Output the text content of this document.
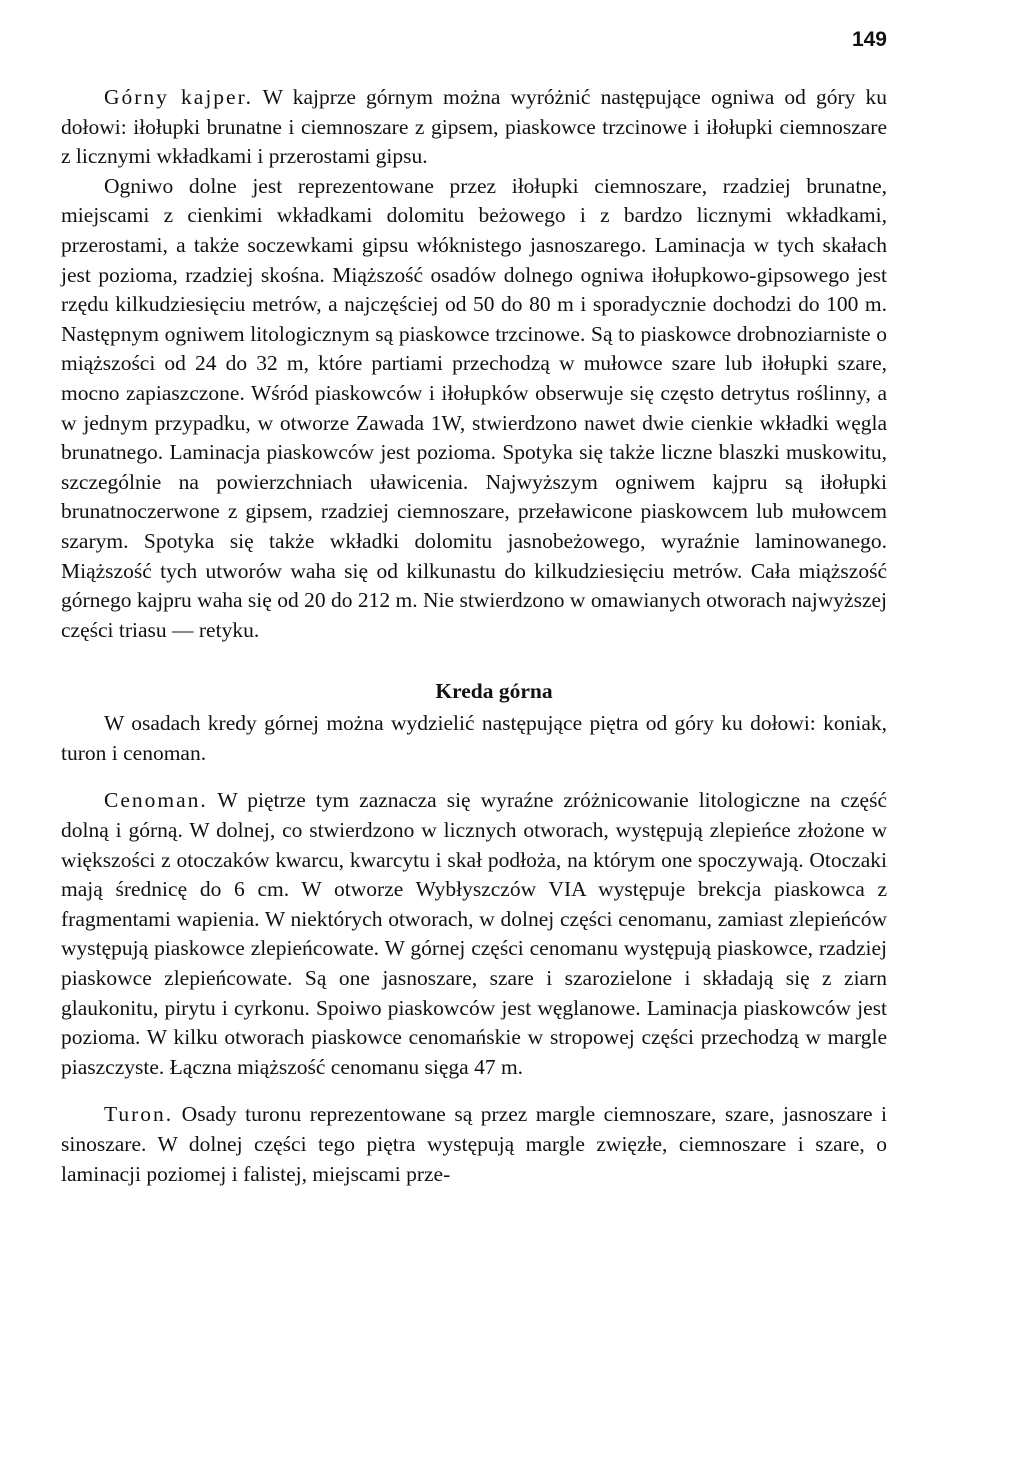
149

Górny kajper. W kajprze górnym można wyróżnić następujące ogniwa od góry ku dołowi: iłołupki brunatne i ciemnoszare z gipsem, piaskowce trzcinowe i iłołupki ciemnoszare z licznymi wkładkami i przerostami gipsu.

Ogniwo dolne jest reprezentowane przez iłołupki ciemnoszare, rzadziej brunatne, miejscami z cienkimi wkładkami dolomitu beżowego i z bardzo licznymi wkładkami, przerostami, a także soczewkami gipsu włóknistego jasnoszarego. Laminacja w tych skałach jest pozioma, rzadziej skośna. Miąższość osadów dolnego ogniwa iłołupkowo-gipsowego jest rzędu kilkudziesięciu metrów, a najczęściej od 50 do 80 m i sporadycznie dochodzi do 100 m. Następnym ogniwem litologicznym są piaskowce trzcinowe. Są to piaskowce drobnoziarniste o miąższości od 24 do 32 m, które partiami przechodzą w mułowce szare lub iłołupki szare, mocno zapiaszczone. Wśród piaskowców i iłołupków obserwuje się często detrytus roślinny, a w jednym przypadku, w otworze Zawada 1W, stwierdzono nawet dwie cienkie wkładki węgla brunatnego. Laminacja piaskowców jest pozioma. Spotyka się także liczne blaszki muskowitu, szczególnie na powierzchniach uławicenia. Najwyższym ogniwem kajpru są iłołupki brunatnoczerwone z gipsem, rzadziej ciemnoszare, przeławicone piaskowcem lub mułowcem szarym. Spotyka się także wkładki dolomitu jasnobeżowego, wyraźnie laminowanego. Miąższość tych utworów waha się od kilkunastu do kilkudziesięciu metrów. Cała miąższość górnego kajpru waha się od 20 do 212 m. Nie stwierdzono w omawianych otworach najwyższej części triasu — retyku.

Kreda górna

W osadach kredy górnej można wydzielić następujące piętra od góry ku dołowi: koniak, turon i cenoman.

Cenoman. W piętrze tym zaznacza się wyraźne zróżnicowanie litologiczne na część dolną i górną. W dolnej, co stwierdzono w licznych otworach, występują zlepieńce złożone w większości z otoczaków kwarcu, kwarcytu i skał podłoża, na którym one spoczywają. Otoczaki mają średnicę do 6 cm. W otworze Wybłyszczów VIA występuje brekcja piaskowca z fragmentami wapienia. W niektórych otworach, w dolnej części cenomanu, zamiast zlepieńców występują piaskowce zlepieńcowate. W górnej części cenomanu występują piaskowce, rzadziej piaskowce zlepieńcowate. Są one jasnoszare, szare i szarozielone i składają się z ziarn glaukonitu, pirytu i cyrkonu. Spoiwo piaskowców jest węglanowe. Laminacja piaskowców jest pozioma. W kilku otworach piaskowce cenomańskie w stropowej części przechodzą w margle piaszczyste. Łączna miąższość cenomanu sięga 47 m.

Turon. Osady turonu reprezentowane są przez margle ciemnoszare, szare, jasnoszare i sinoszare. W dolnej części tego piętra występują margle zwięzłe, ciemnoszare i szare, o laminacji poziomej i falistej, miejscami prze-
